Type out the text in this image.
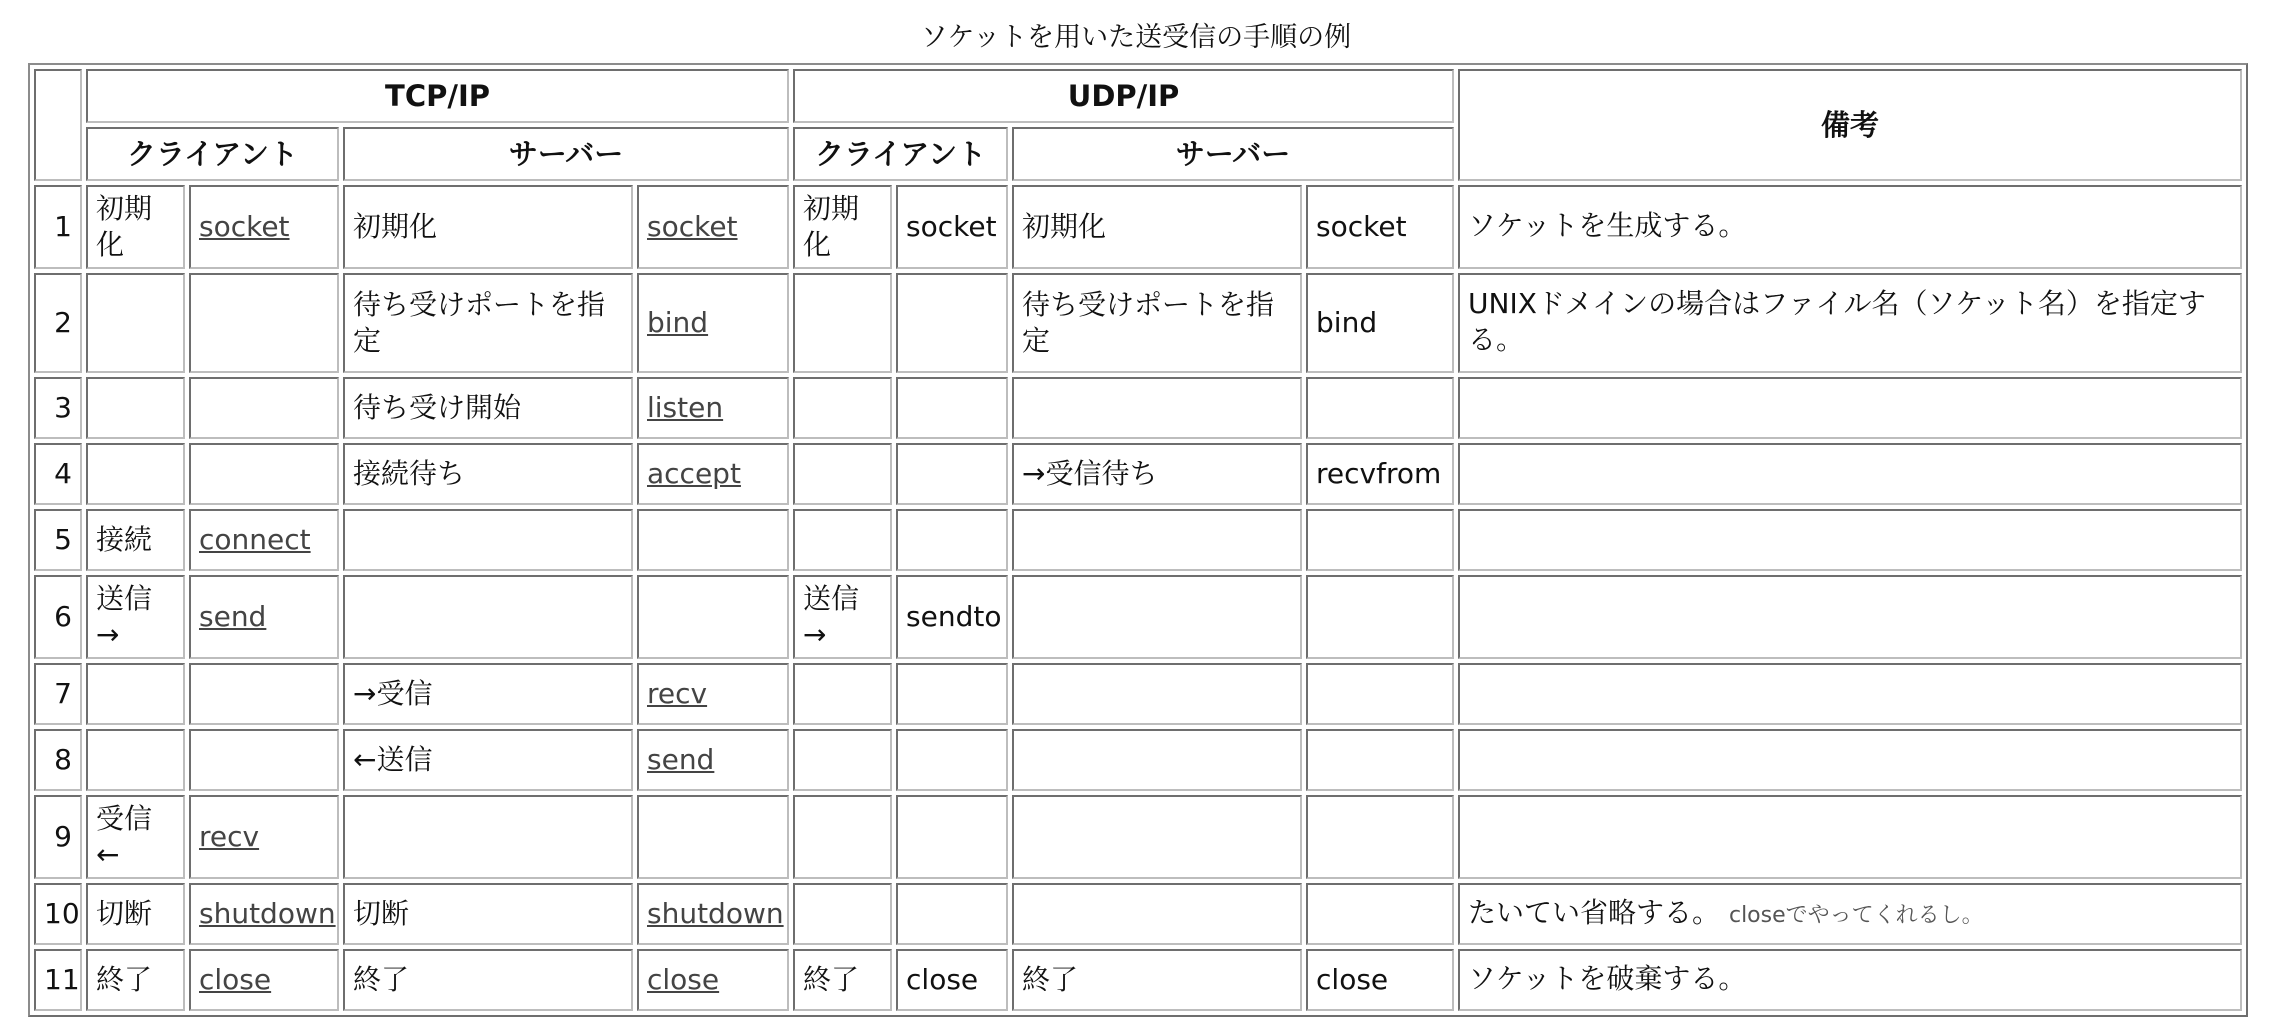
ソケットを用いた送受信の手順の例
	TCP/IP				UDP/IP				備考
	クライアント		サーバー		クライアント		サーバー		
1	初期化	socket	初期化	socket	初期化	socket	初期化	socket	ソケットを生成する。
2			待ち受けポートを指定	bind			待ち受けポートを指定	bind	UNIXドメインの場合はファイル名（ソケット名）を指定する。
3			待ち受け開始	listen					
4			接続待ち	accept			→受信待ち	recvfrom	
5	接続	connect							
6	送信→	send			送信→	sendto			
7			→受信	recv					
8			←送信	send					
9	受信←	recv							
10	切断	shutdown	切断	shutdown					たいてい省略する。 closeでやってくれるし。
11	終了	close	終了	close	終了	close	終了	close	ソケットを破棄する。
